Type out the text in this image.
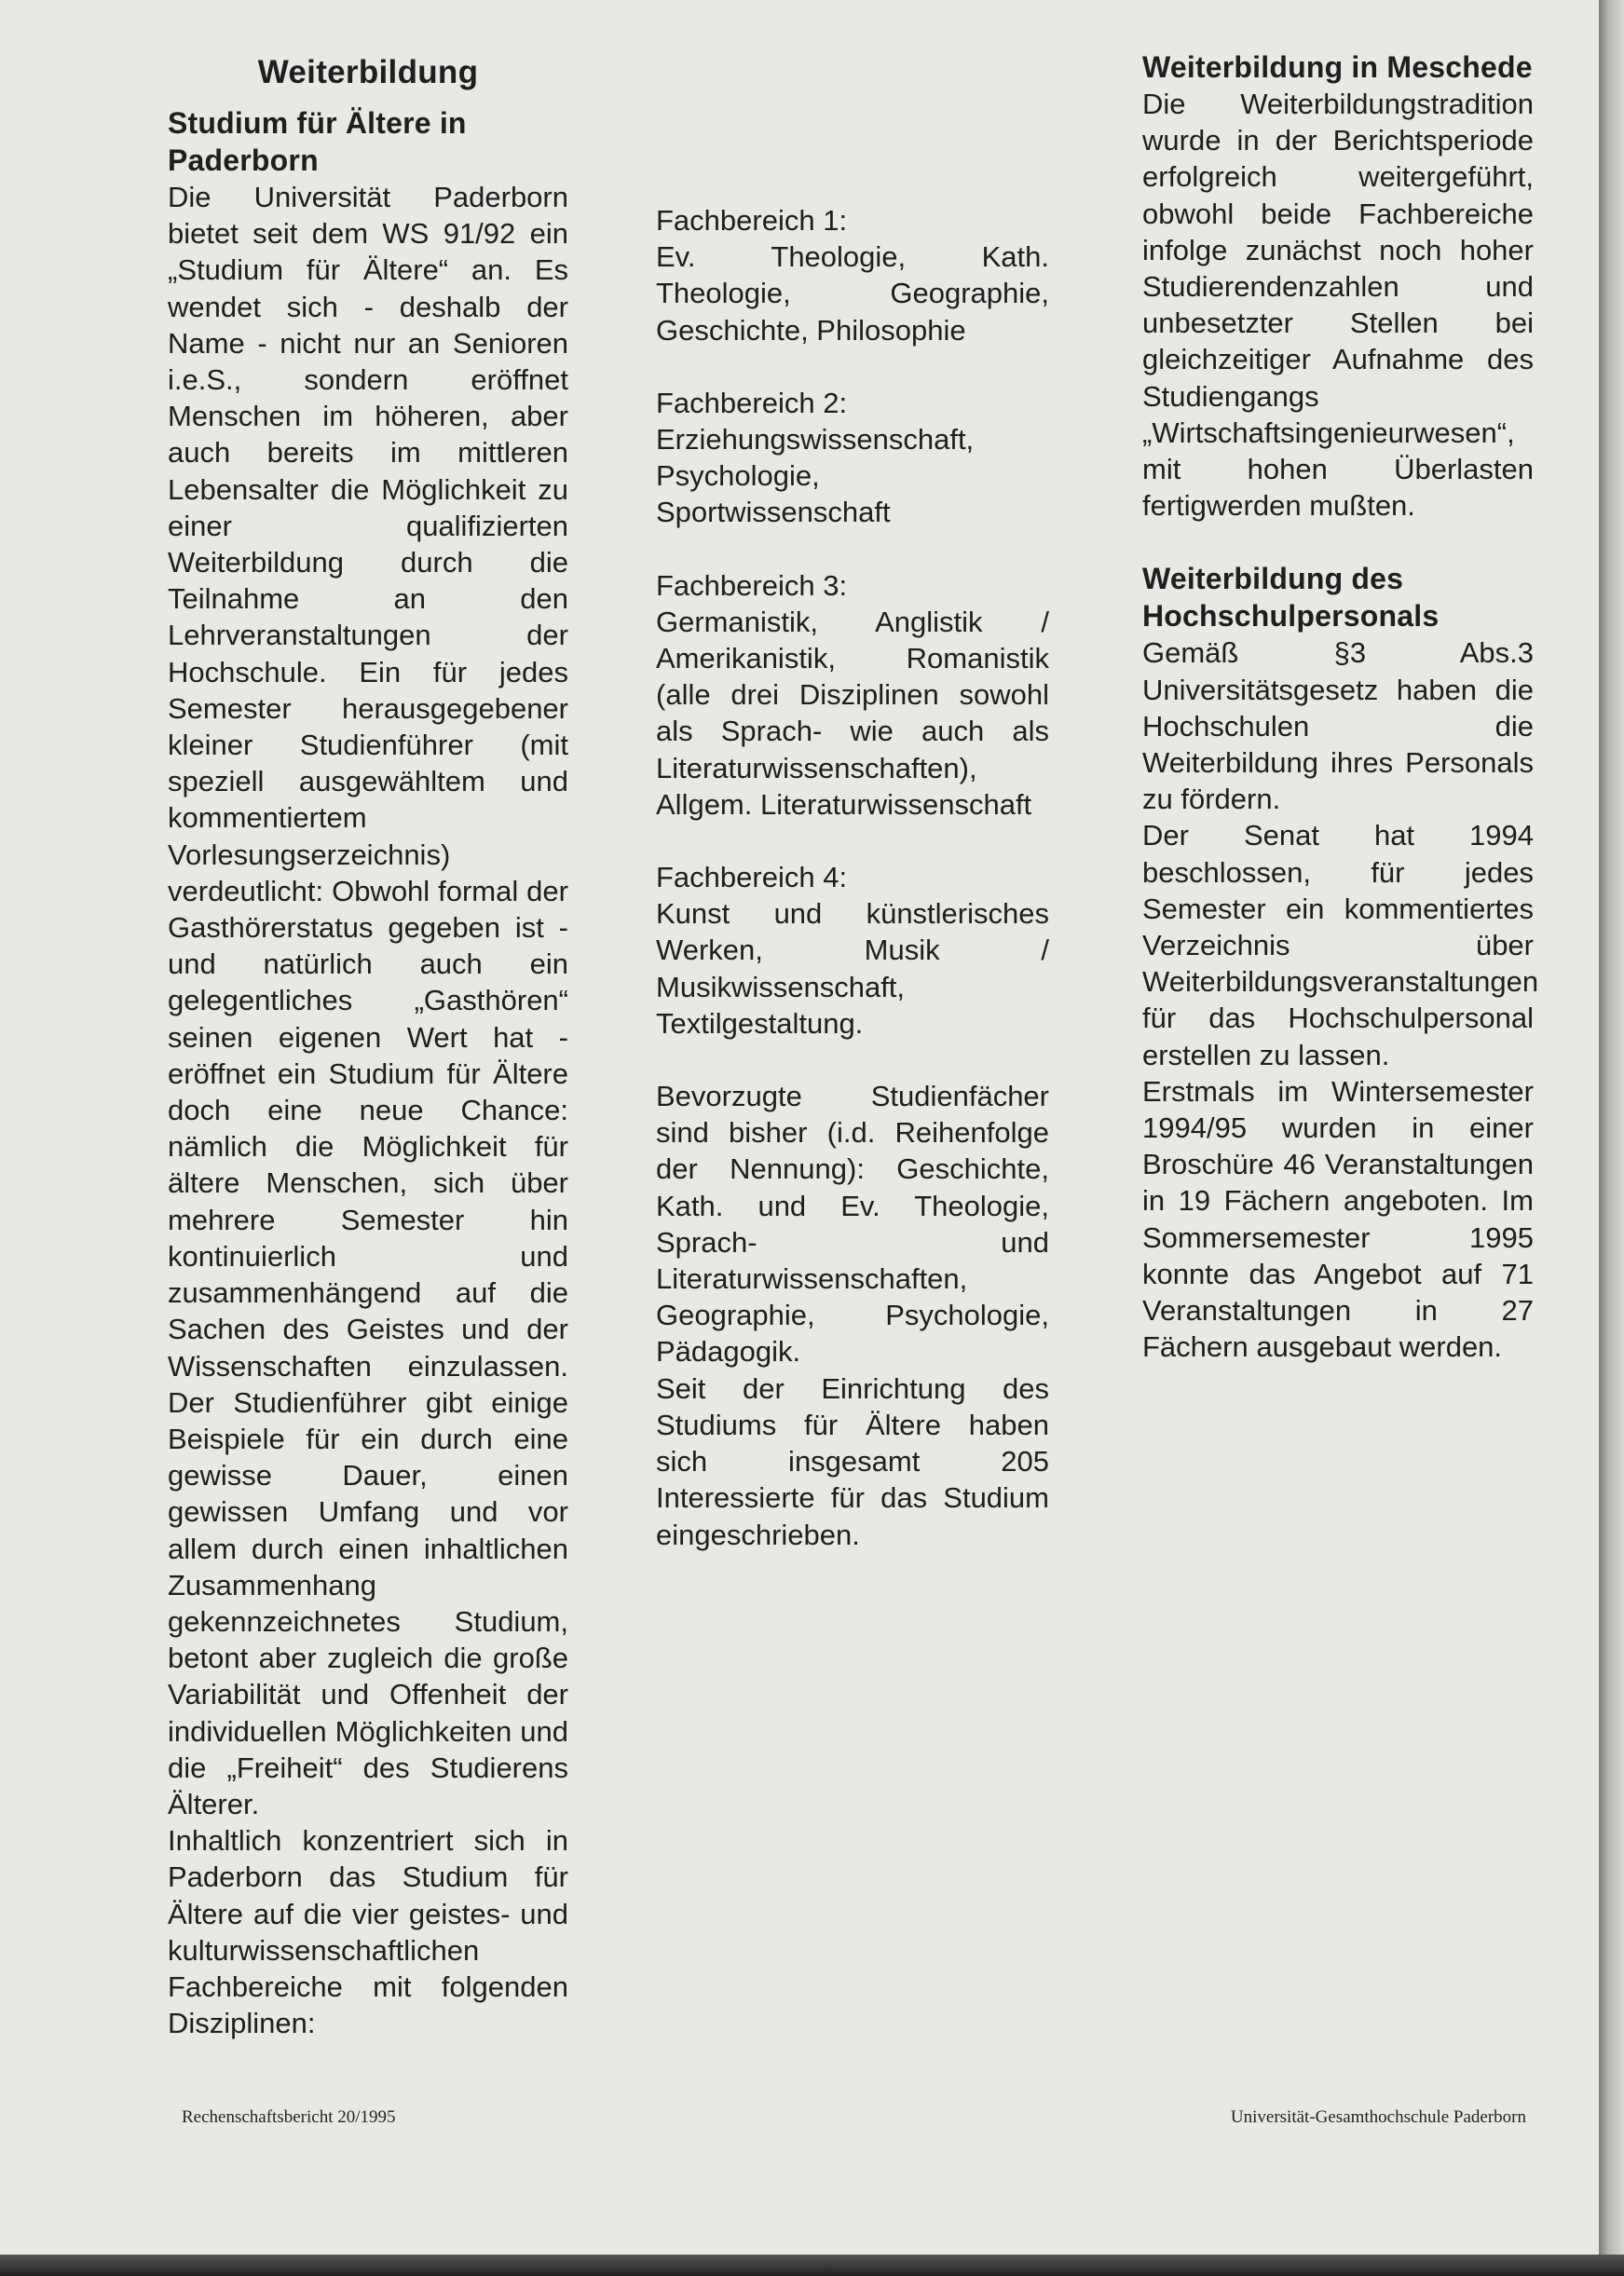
Weiterbildung
Studium für Ältere in Paderborn

Die Universität Paderborn bietet seit dem WS 91/92 ein „Studium für Ältere“ an. Es wendet sich - deshalb der Name - nicht nur an Senioren i.e.S., sondern eröffnet Menschen im höheren, aber auch bereits im mittleren Lebensalter die Möglichkeit zu einer qualifizierten Weiterbildung durch die Teilnahme an den Lehrveranstaltungen der Hochschule. Ein für jedes Semester herausgegebener kleiner Studienführer (mit speziell ausgewähltem und kommentiertem Vorlesungserzeichnis) verdeutlicht: Obwohl formal der Gasthörerstatus gegeben ist - und natürlich auch ein gelegentliches „Gasthören“ seinen eigenen Wert hat - eröffnet ein Studium für Ältere doch eine neue Chance: nämlich die Möglichkeit für ältere Menschen, sich über mehrere Semester hin kontinuierlich und zusammenhängend auf die Sachen des Geistes und der Wissenschaften einzulassen. Der Studienführer gibt einige Beispiele für ein durch eine gewisse Dauer, einen gewissen Umfang und vor allem durch einen inhaltlichen Zusammenhang gekennzeichnetes Studium, betont aber zugleich die große Variabilität und Offenheit der individuellen Möglichkeiten und die „Freiheit“ des Studierens Älterer.

Inhaltlich konzentriert sich in Paderborn das Studium für Ältere auf die vier geistes- und kulturwissenschaftlichen Fachbereiche mit folgenden Disziplinen:

Fachbereich 1:

Ev. Theologie, Kath. Theologie, Geographie, Geschichte, Philosophie

Fachbereich 2:

Erziehungswissenschaft, Psychologie, Sportwissenschaft

Fachbereich 3:

Germanistik, Anglistik / Amerikanistik, Romanistik (alle drei Disziplinen sowohl als Sprach- wie auch als Literaturwissenschaften), Allgem. Literaturwissenschaft

Fachbereich 4:

Kunst und künstlerisches Werken, Musik / Musikwissenschaft, Textilgestaltung.

Bevorzugte Studienfächer sind bisher (i.d. Reihenfolge der Nennung): Geschichte, Kath. und Ev. Theologie, Sprach- und Literaturwissenschaften, Geographie, Psychologie, Pädagogik.

Seit der Einrichtung des Studiums für Ältere haben sich insgesamt 205 Interessierte für das Studium eingeschrieben.

Weiterbildung in Meschede

Die Weiterbildungstradition wurde in der Berichtsperiode erfolgreich weitergeführt, obwohl beide Fachbereiche infolge zunächst noch hoher Studierendenzahlen und unbesetzter Stellen bei gleichzeitiger Aufnahme des Studiengangs „Wirtschaftsingenieurwesen“, mit hohen Überlasten fertigwerden mußten.

Weiterbildung des Hochschulpersonals

Gemäß §3 Abs.3 Universitätsgesetz haben die Hochschulen die Weiterbildung ihres Personals zu fördern.

Der Senat hat 1994 beschlossen, für jedes Semester ein kommentiertes Verzeichnis über Weiterbildungsveranstaltungen für das Hochschulpersonal erstellen zu lassen.

Erstmals im Wintersemester 1994/95 wurden in einer Broschüre 46 Veranstaltungen in 19 Fächern angeboten. Im Sommersemester 1995 konnte das Angebot auf 71 Veranstaltungen in 27 Fächern ausgebaut werden.

Rechenschaftsbericht 20/1995	Universität-Gesamthochschule Paderborn
